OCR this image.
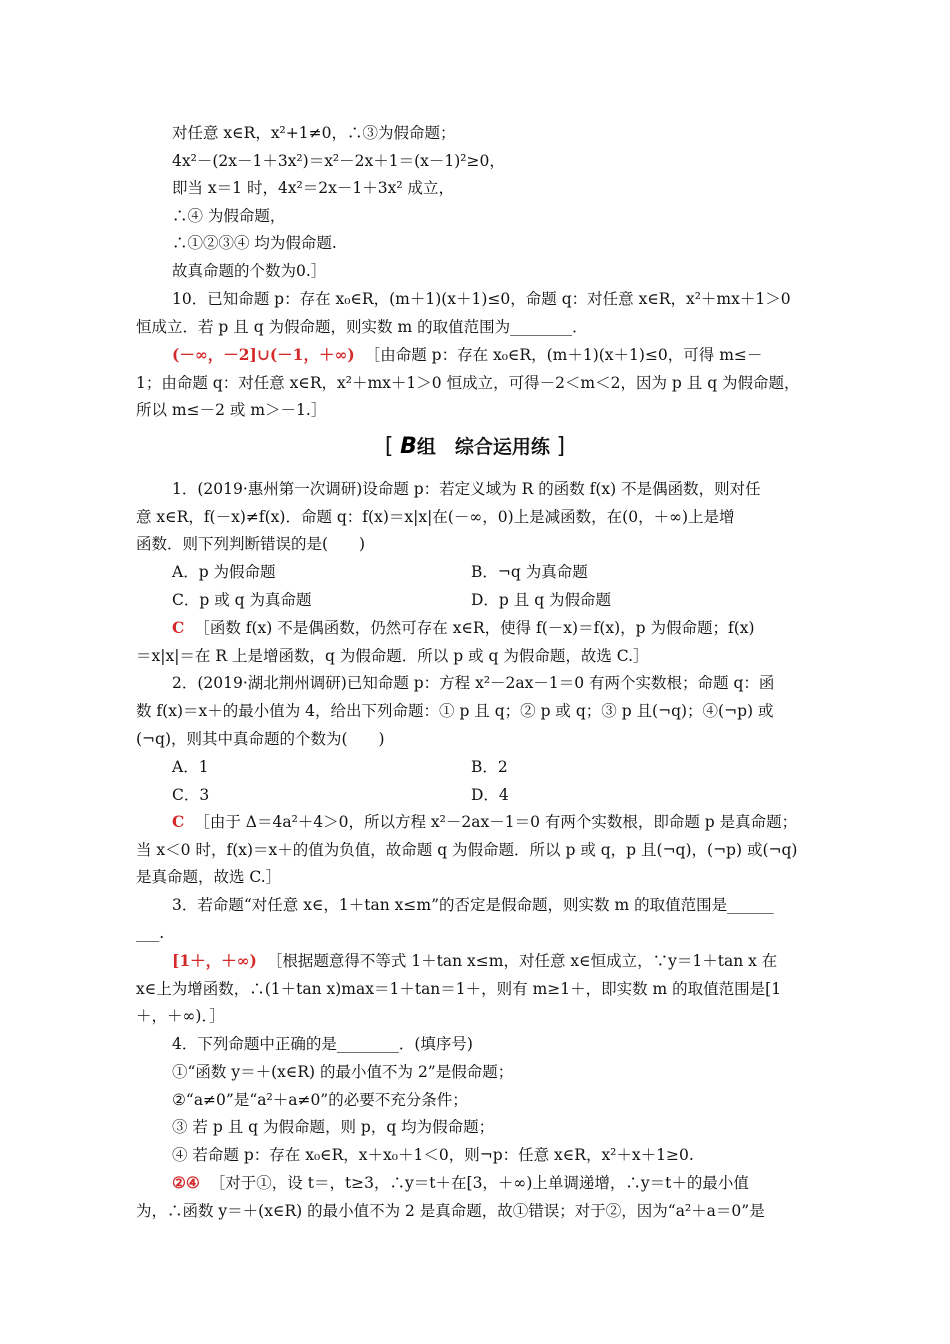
对任意 x∈R，x²+1≠0，∴③为假命题；
4x²－(2x－1＋3x²)＝x²－2x＋1＝(x－1)²≥0，
即当 x＝1 时，4x²＝2x－1＋3x² 成立，
∴④ 为假命题，
∴①②③④ 均为假命题.
故真命题的个数为0.］
10．已知命题 p：存在 x₀∈R，(m＋1)(x＋1)≤0，命题 q：对任意 x∈R，x²＋mx＋1＞0
恒成立．若 p 且 q 为假命题，则实数 m 的取值范围为________．
(－∞，－2]∪(－1，＋∞) ［由命题 p：存在 x₀∈R，(m＋1)(x＋1)≤0，可得 m≤－
1；由命题 q：对任意 x∈R，x²＋mx＋1＞0 恒成立，可得－2＜m＜2，因为 p 且 q 为假命题，
所以 m≤－2 或 m＞－1.］
[ B组　综合运用练 ]
1．(2019·惠州第一次调研)设命题 p：若定义域为 R 的函数 f(x) 不是偶函数，则对任
意 x∈R，f(－x)≠f(x)．命题 q：f(x)＝x|x|在(－∞，0)上是减函数，在(0，＋∞)上是增
函数．则下列判断错误的是(　　)
A．p 为假命题	B．¬q 为真命题
C．p 或 q 为真命题	D．p 且 q 为假命题
C ［函数 f(x) 不是偶函数，仍然可存在 x∈R，使得 f(－x)＝f(x)，p 为假命题；f(x)
＝x|x|＝在 R 上是增函数，q 为假命题．所以 p 或 q 为假命题，故选 C.］
2．(2019·湖北荆州调研)已知命题 p：方程 x²－2ax－1＝0 有两个实数根；命题 q：函
数 f(x)＝x＋的最小值为 4，给出下列命题：① p 且 q；② p 或 q；③ p 且(¬q)；④(¬p) 或
(¬q)，则其中真命题的个数为(　　)
A．1	B．2
C．3	D．4
C ［由于 Δ＝4a²＋4＞0，所以方程 x²－2ax－1＝0 有两个实数根，即命题 p 是真命题；
当 x＜0 时，f(x)＝x＋的值为负值，故命题 q 为假命题．所以 p 或 q，p 且(¬q)，(¬p) 或(¬q)
是真命题，故选 C.］
3．若命题“对任意 x∈，1＋tan x≤m”的否定是假命题，则实数 m 的取值范围是______
___.
[1＋，＋∞) ［根据题意得不等式 1＋tan x≤m，对任意 x∈恒成立，∵y＝1＋tan x 在
x∈上为增函数，∴(1＋tan x)max＝1＋tan＝1＋，则有 m≥1＋，即实数 m 的取值范围是[1
＋，＋∞)．］
4．下列命题中正确的是________．(填序号)
①“函数 y＝＋(x∈R) 的最小值不为 2”是假命题；
②“a≠0”是“a²＋a≠0”的必要不充分条件；
③ 若 p 且 q 为假命题，则 p，q 均为假命题；
④ 若命题 p：存在 x₀∈R，x＋x₀＋1＜0，则¬p：任意 x∈R，x²＋x＋1≥0.
②④ ［对于①，设 t＝，t≥3，∴y＝t＋在[3，＋∞)上单调递增，∴y＝t＋的最小值
为，∴函数 y＝＋(x∈R) 的最小值不为 2 是真命题，故①错误；对于②，因为“a²＋a＝0”是
